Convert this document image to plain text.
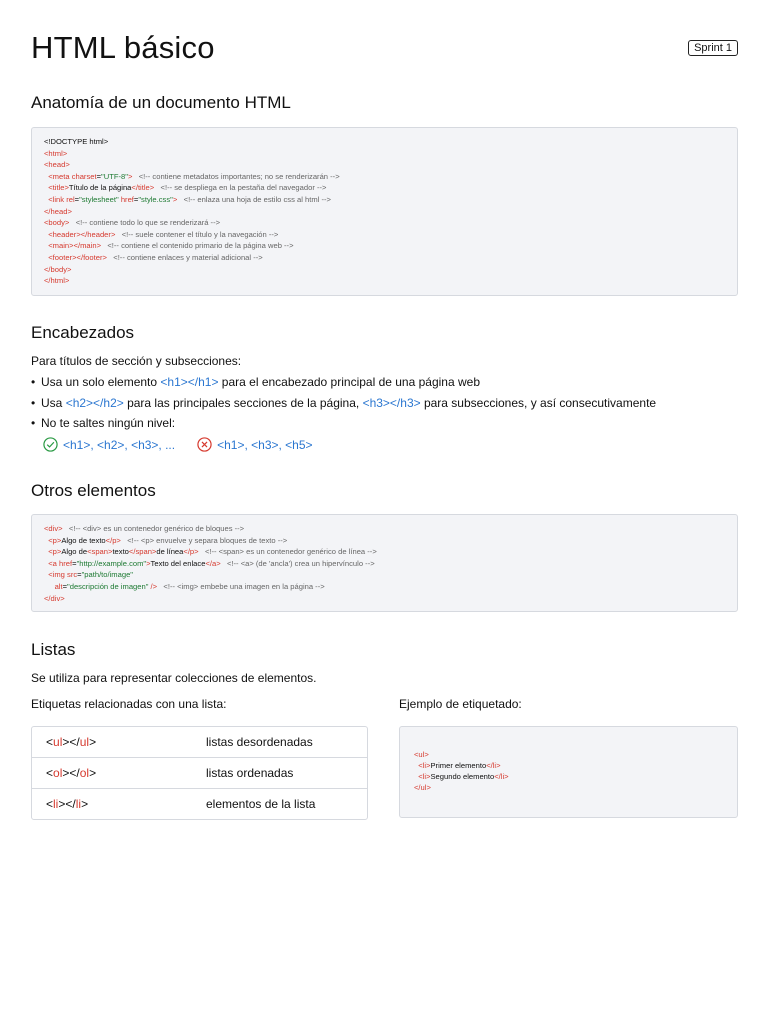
HTML básico	Sprint 1
Anatomía de un documento HTML
<!DOCTYPE html>
<html>
<head>
<meta charset="UTF-8"> <!-- contiene metadatos importantes; no se renderizarán -->
<title>Título de la página</title> <!-- se despliega en la pestaña del navegador -->
<link rel="stylesheet" href="style.css"> <!-- enlaza una hoja de estilo css al html -->
</head>
<body> <!-- contiene todo lo que se renderizará -->
<header></header> <!-- suele contener el título y la navegación -->
<main></main> <!-- contiene el contenido primario de la página web -->
<footer></footer> <!-- contiene enlaces y material adicional -->
</body>
</html>
Encabezados

Para títulos de sección y subsecciones:

• Usa un solo elemento <h1></h1> para el encabezado principal de una página web
• Usa <h2></h2> para las principales secciones de la página, <h3></h3> para subsecciones, y así consecutivamente
• No te saltes ningún nivel:
<h1>, <h2>, <h3>, ...	<h1>, <h3>, <h5>
Otros elementos
<div> <!-- <div> es un contenedor genérico de bloques -->
<p>Algo de texto</p> <!-- <p> envuelve y separa bloques de texto -->
<p>Algo de<span>texto</span>de línea</p> <!-- <span> es un contenedor genérico de línea -->
<a href="http://example.com">Texto del enlace</a> <!-- <a> (de 'ancla') crea un hipervínculo -->
<img src="path/to/image"
alt="descripción de imagen" /> <!-- <img> embebe una imagen en la página -->
</div>
Listas

Se utiliza para representar colecciones de elementos.

Etiquetas relacionadas con una lista:	Ejemplo de etiquetado:

<ul></ul>	listas desordenadas
<ol></ol>	listas ordenadas
<li></li>	elementos de la lista
<ul>
<li>Primer elemento</li>
<li>Segundo elemento</li>
</ul>
